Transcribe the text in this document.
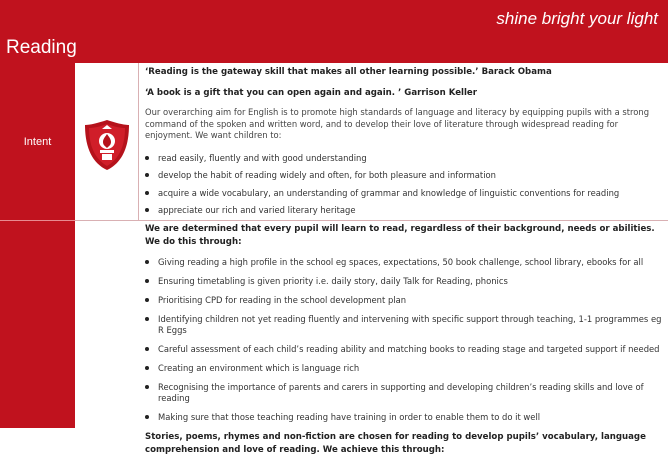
shine bright your light
Reading
Intent
‘Reading is the gateway skill that makes all other learning possible.’ Barack Obama
‘A book is a gift that you can open again and again. ’ Garrison Keller
Our overarching aim for English is to promote high standards of language and literacy by equipping pupils with a strong command of the spoken and written word, and to develop their love of literature through widespread reading for enjoyment. We want children to:
read easily, fluently and with good understanding
develop the habit of reading widely and often, for both pleasure and information
acquire a wide vocabulary, an understanding of grammar and knowledge of linguistic conventions for reading
appreciate our rich and varied literary heritage
We are determined that every pupil will learn to read, regardless of their background, needs or abilities. We do this through:
Giving reading a high profile in the school eg spaces, expectations, 50 book challenge, school library, ebooks for all
Ensuring timetabling is given priority i.e. daily story, daily Talk for Reading, phonics
Prioritising CPD for reading in the school development plan
Identifying children not yet reading fluently and intervening with specific support through teaching, 1-1 programmes eg R Eggs
Careful assessment of each child’s reading ability and matching books to reading stage and targeted support if needed
Creating an environment which is language rich
Recognising the importance of parents and carers in supporting and developing children’s reading skills and love of reading
Making sure that those teaching reading have training in order to enable them to do it well
Stories, poems, rhymes and non-fiction are chosen for reading to develop pupils’ vocabulary, language comprehension and love of reading. We achieve this through:
